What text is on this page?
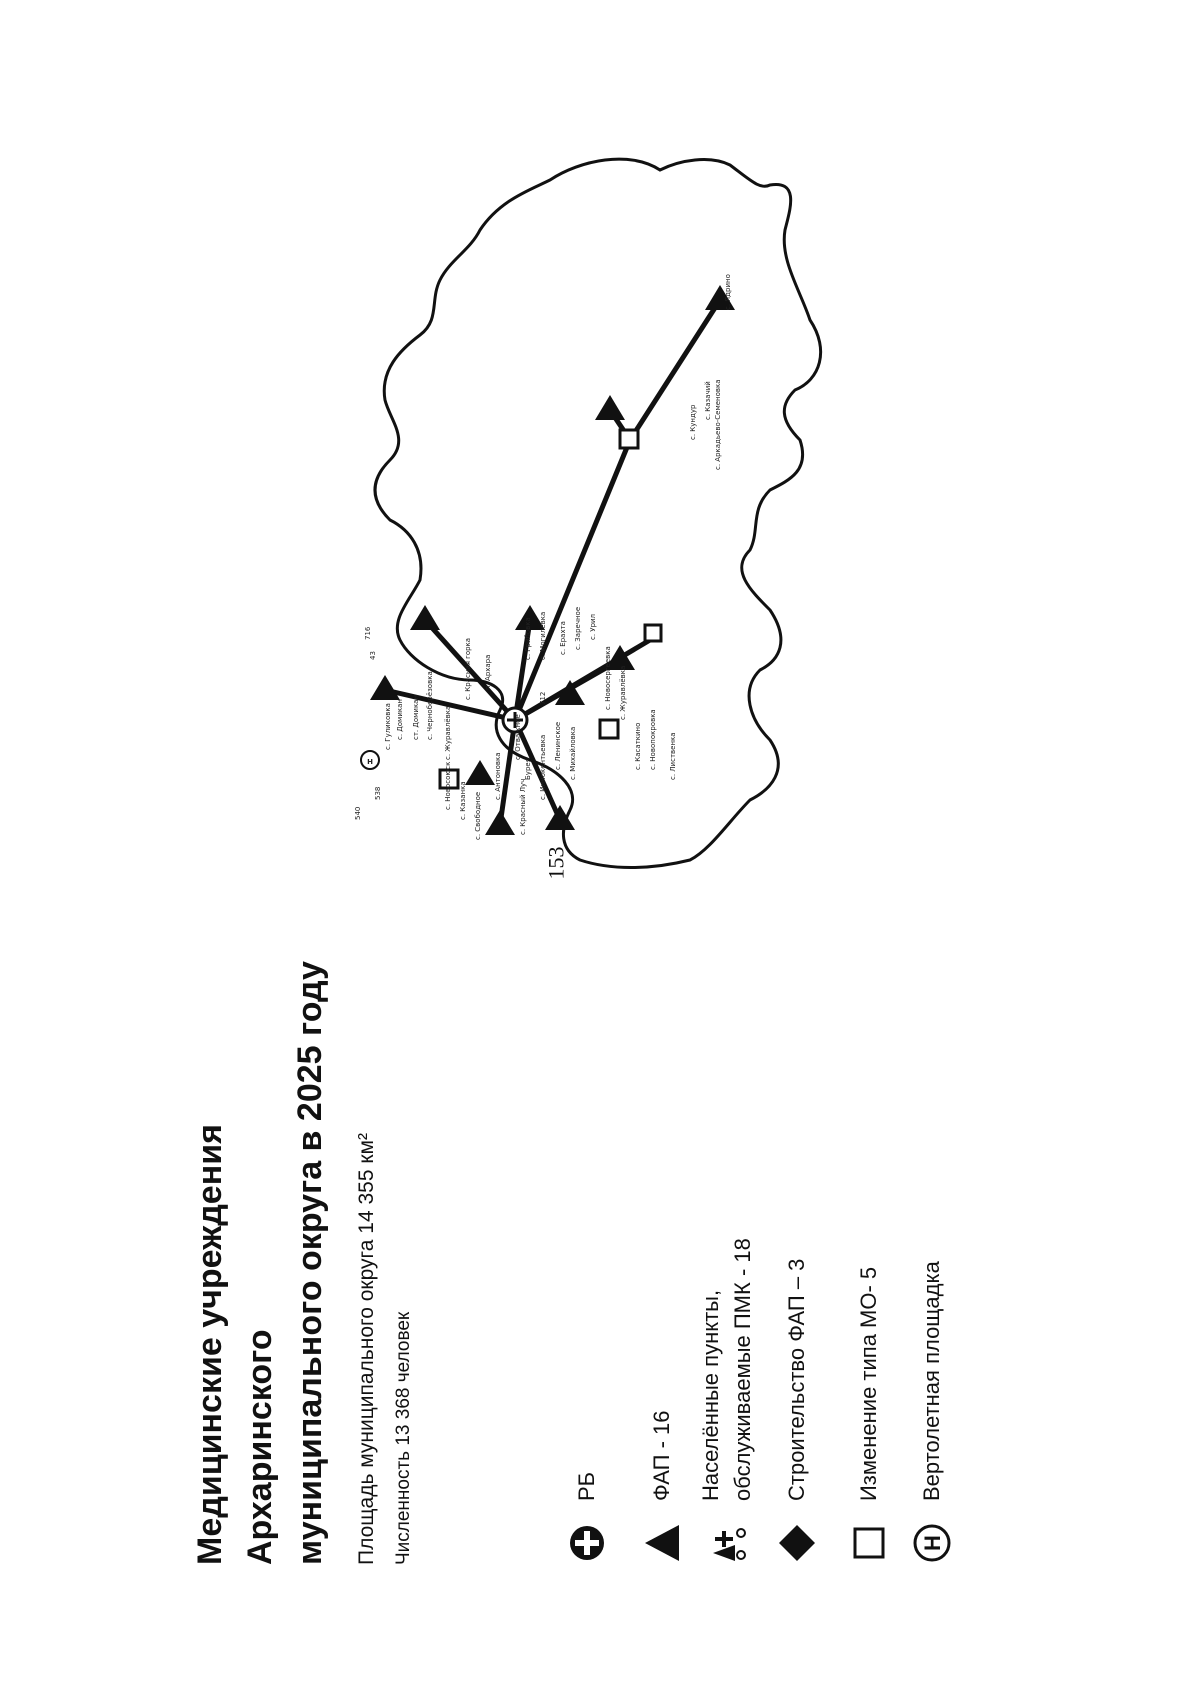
153
Медицинские учреждения Архаринского муниципального округа в 2025 году Площадь муниципального округа 14 355 км² Численность 13 368 человек	РБ ФАП - 16 Населённые пункты,
обслуживаемые ПМК - 18
Строительство ФАП – 3 Изменение типа МО- 5
H
Вертолетная площадка
H
с. Гуликовка с. Домикан ст. Домикан с. Черноберёзовка
с. Новосоюск с. Казанка
с. Журавлёвка
с. Свободное
с. Красная горка п. Архара
с. Антоновка
с. Красный Луч
с. Иннокентьевка с. Ленинское с. Михайловка
с. Грибовка с. Могилевка с. Ерахта с. Заречное с. Урил
с. Новосергеевка с. Журавлёвка
с. Касаткино с. Новопокровка
с. Кундур
с. Казачий
с. Ядрино
с. Лиственка
с. Аркадьево-Семеновка
с. Отважное
Бурея
716
712
540
538
43
